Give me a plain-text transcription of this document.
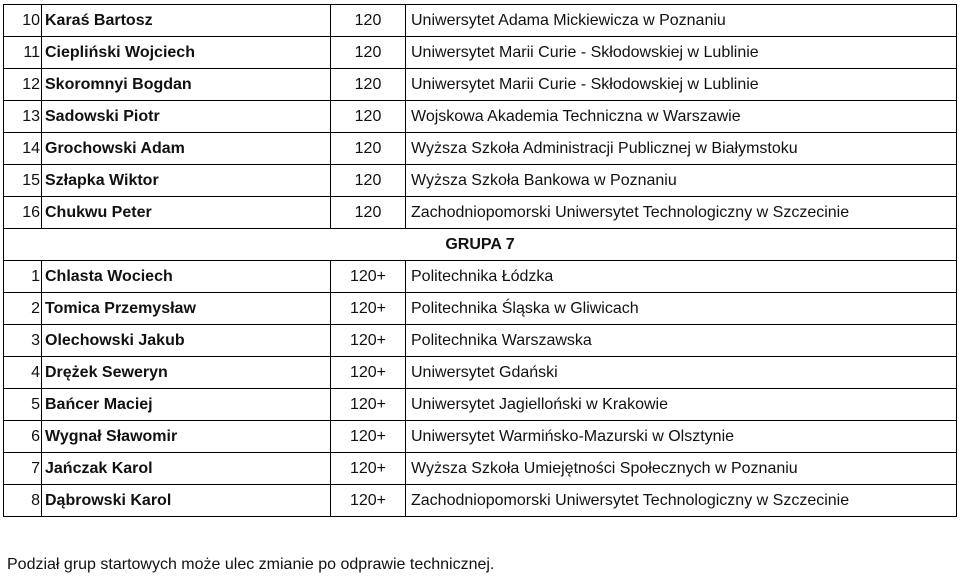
10	Karaś Bartosz	120	Uniwersytet Adama Mickiewicza w Poznaniu
11	Ciepliński Wojciech	120	Uniwersytet Marii Curie - Skłodowskiej w Lublinie
12	Skoromnyi Bogdan	120	Uniwersytet Marii Curie - Skłodowskiej w Lublinie
13	Sadowski Piotr	120	Wojskowa Akademia Techniczna w Warszawie
14	Grochowski Adam	120	Wyższa Szkoła Administracji Publicznej w Białymstoku
15	Szłapka Wiktor	120	Wyższa Szkoła Bankowa w Poznaniu
16	Chukwu Peter	120	Zachodniopomorski Uniwersytet Technologiczny w Szczecinie
GRUPA 7			
1	Chlasta Wociech	120+	Politechnika Łódzka
2	Tomica Przemysław	120+	Politechnika Śląska w Gliwicach
3	Olechowski Jakub	120+	Politechnika Warszawska
4	Drężek Seweryn	120+	Uniwersytet Gdański
5	Bańcer Maciej	120+	Uniwersytet Jagielloński w Krakowie
6	Wygnał Sławomir	120+	Uniwersytet Warmińsko-Mazurski w Olsztynie
7	Jańczak Karol	120+	Wyższa Szkoła Umiejętności Społecznych w Poznaniu
8	Dąbrowski Karol	120+	Zachodniopomorski Uniwersytet Technologiczny w Szczecinie
Podział grup startowych może ulec zmianie po odprawie technicznej.
